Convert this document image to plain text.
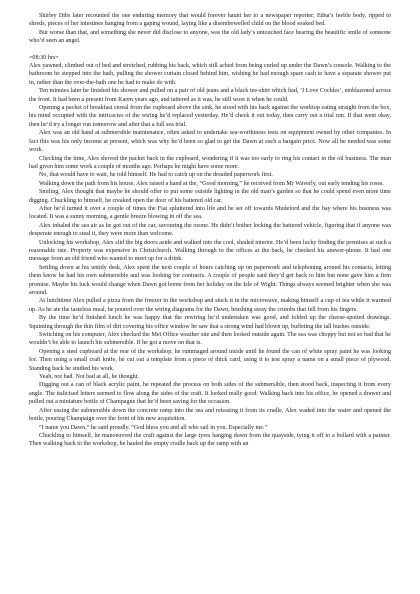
Shirley Dibs later recounted the one enduring memory that would forever haunt her to a newspaper reporter; Edna’s feeble body, ripped to shreds, pieces of her intestines hanging from a gaping wound, laying like a disembowelled child on the blood soaked bed.

But worse than that, and something she never did disclose to anyone, was the old lady’s untouched face bearing the beautific smile of someone who’d seen an angel.

=08:30 hrs=

Alex yawned, climbed out of bed and stretched, rubbing his back, which still ached from being curled up under the Dawn’s console. Walking to the bathroom he stepped into the bath, pulling the shower curtain closed behind him, wishing he had enough spare cash to have a separate shower put in, rather than the over-the-bath one he had to make do with.

Ten minutes later he finished his shower and pulled on a pair of old jeans and a black tee-shirt which had, ‘I Love Cockles’, emblazoned across the front. It had been a present from Karen years ago, and tattered as it was, he still wore it when he could.

Opening a packet of breakfast cereal from the cupboard above the sink, he stood with his back against the worktop eating straight from the box, his mind occupied with the intricacies of the wiring he’d replaced yesterday. He’d check it out today, then carry out a trial run. If that went okay, then he’d try a longer run tomorrow and after that a full sea trial.

Alex was an old hand at submersible maintenance, often asked to undertake sea-worthiness tests on equipment owned by other companies. In fact this was his only income at present, which was why he’d been so glad to get the Dawn at such a bargain price. Now all he needed was some work.

Checking the time, Alex shoved the packet back in the cupboard, wondering if it was too early to ring his contact in the oil business. The man had given him some work a couple of months ago. Perhaps he might have some more.

No, that would have to wait, he told himself. He had to catch up on the dreaded paperwork first.

Walking down the path from his house, Alex raised a hand at the, “Good morning,” he received from Mr Waverly, out early tending his roses.

Smiling, Alex thought that maybe he should offer to put some outside lighting in the old man’s garden so that he could spend even more time digging. Chuckling to himself, he creaked open the door of his battered old car.

After he’d turned it over a couple of times the Fiat spluttered into life and he set off towards Mudeford and the bay where his business was located. It was a sunny morning, a gentle breeze blowing in off the sea.

Alex inhaled the sea air as he got out of the car, savouring the ozone. He didn’t bother locking the battered vehicle, figuring that if anyone was desperate enough to steal it, they were more than welcome.

Unlocking his workshop, Alex slid the big doors aside and walked into the cool, shaded interior. He’d been lucky finding the premises at such a reasonable rate. Property was expensive in Christchurch. Walking through to the offices at the back, he checked his answer-phone. It had one message from an old friend who wanted to meet up for a drink.

Settling down at his untidy desk, Alex spent the next couple of hours catching up on paperwork and telephoning around his contacts, letting them know he had his own submersible and was looking for contracts. A couple of people said they’d get back to him but none gave him a firm promise. Maybe his luck would change when Dawn got home from her holiday on the Isle of Wight. Things always seemed brighter when she was around.

At lunchtime Alex pulled a pizza from the freezer in the workshop and stuck it in the microwave, making himself a cup of tea while it warmed up. As he ate the tasteless meal, he poured over the wiring diagrams for the Dawn, brushing away the crumbs that fell from his fingers.

By the time he’d finished lunch he was happy that the rewiring he’d undertaken was good, and folded up the cheese-spotted drawings. Squinting through the thin film of dirt covering his office window he saw that a strong wind had blown up, buffeting the tall bushes outside.

Switching on his computer, Alex checked the Met Office weather site and then looked outside again. The sea was choppy but not so bad that he wouldn’t be able to launch his submersible. If he got a move on that is.

Opening a steel cupboard at the rear of the workshop, he rummaged around inside until he found the can of white spray paint he was looking for. Then using a small craft knife, he cut out a template from a piece of thick card, using it to test spray a name on a small piece of plywood. Standing back he studied his work.

Yeah, not bad. Not bad at all, he thought.

Digging out a can of black acrylic paint, he repeated the process on both sides of the submersible, then stood back, inspecting it from every angle. The italicised letters seemed to flow along the sides of the craft. It looked really good. Walking back into his office, he opened a drawer and pulled out a miniature bottle of Champagne that he’d been saving for the occasion.

After easing the submersible down the concrete ramp into the sea and releasing it from its cradle, Alex waded into the water and opened the bottle, pouring Champaign over the front of his new acquisition.

“I name you Dawn,” he said proudly. “God bless you and all who sail in you. Especially me.”

Chuckling to himself, he manoeuvred the craft against the large tyres hanging down from the quayside, tying it off to a bollard with a painter. Then walking back to the workshop, he hauled the empty cradle back up the ramp with an
